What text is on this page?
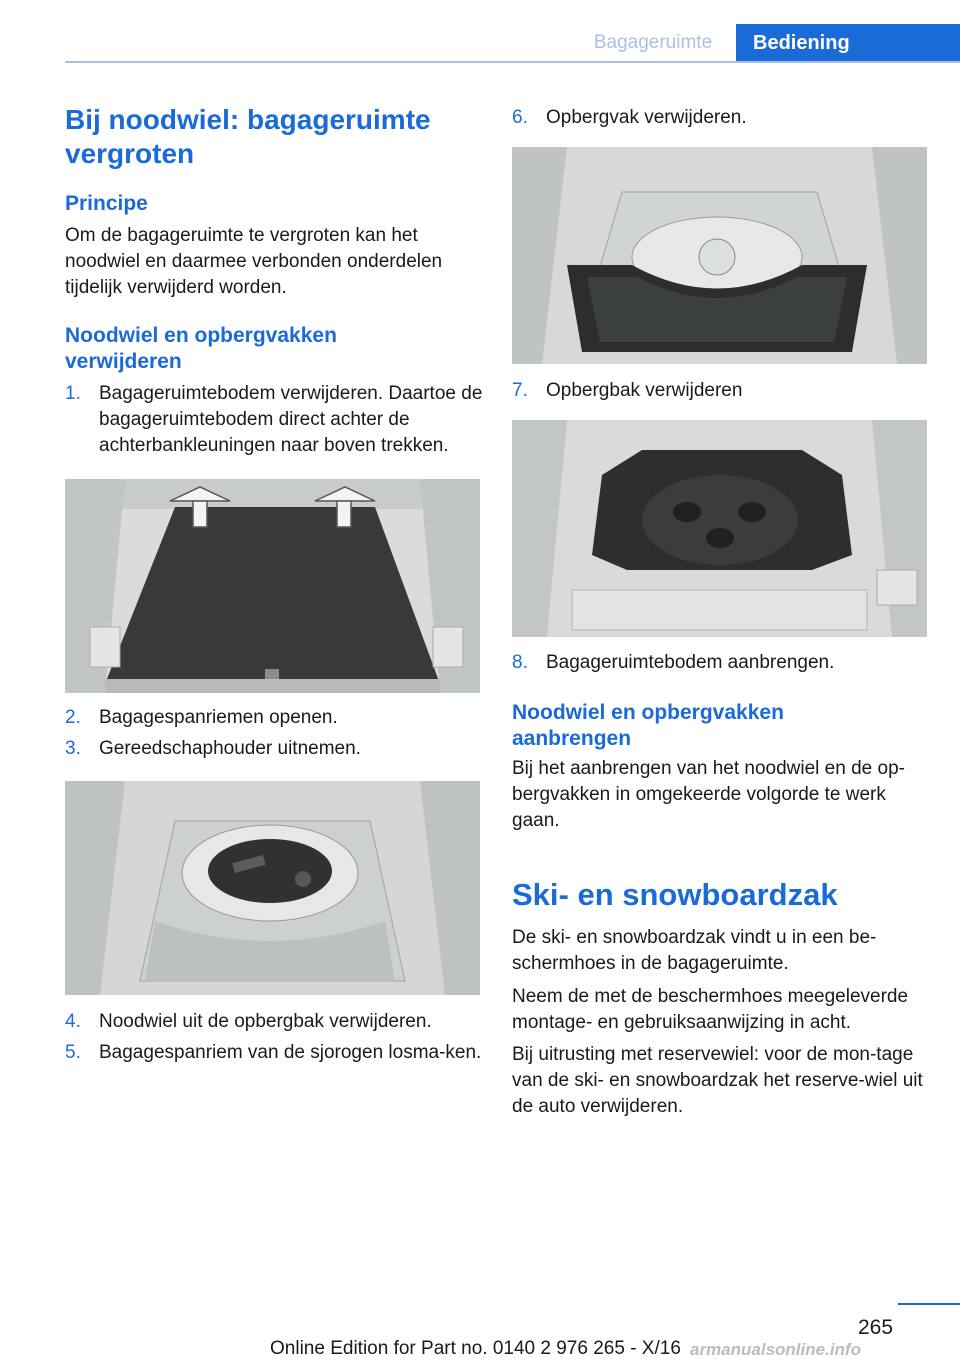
Bagageruimte	Bediening
Bij noodwiel: bagageruimte vergroten
Principe
Om de bagageruimte te vergroten kan het noodwiel en daarmee verbonden onderdelen tijdelijk verwijderd worden.
Noodwiel en opbergvakken verwijderen
1. Bagageruimtebodem verwijderen. Daartoe de bagageruimtebodem direct achter de achterbankleuningen naar boven trekken.
2. Bagagespanriemen openen.
3. Gereedschaphouder uitnemen.
4. Noodwiel uit de opbergbak verwijderen.
5. Bagagespanriem van de sjorogen losma-ken.
6. Opbergvak verwijderen.
7. Opbergbak verwijderen
8. Bagageruimtebodem aanbrengen.
Noodwiel en opbergvakken aanbrengen
Bij het aanbrengen van het noodwiel en de op-bergvakken in omgekeerde volgorde te werk gaan.
Ski- en snowboardzak
De ski- en snowboardzak vindt u in een be-schermhoes in de bagageruimte.
Neem de met de beschermhoes meegeleverde montage- en gebruiksaanwijzing in acht.
Bij uitrusting met reservewiel: voor de mon-tage van de ski- en snowboardzak het reserve-wiel uit de auto verwijderen.
265
Online Edition for Part no. 0140 2 976 265 - X/16 armanualsonline.info
